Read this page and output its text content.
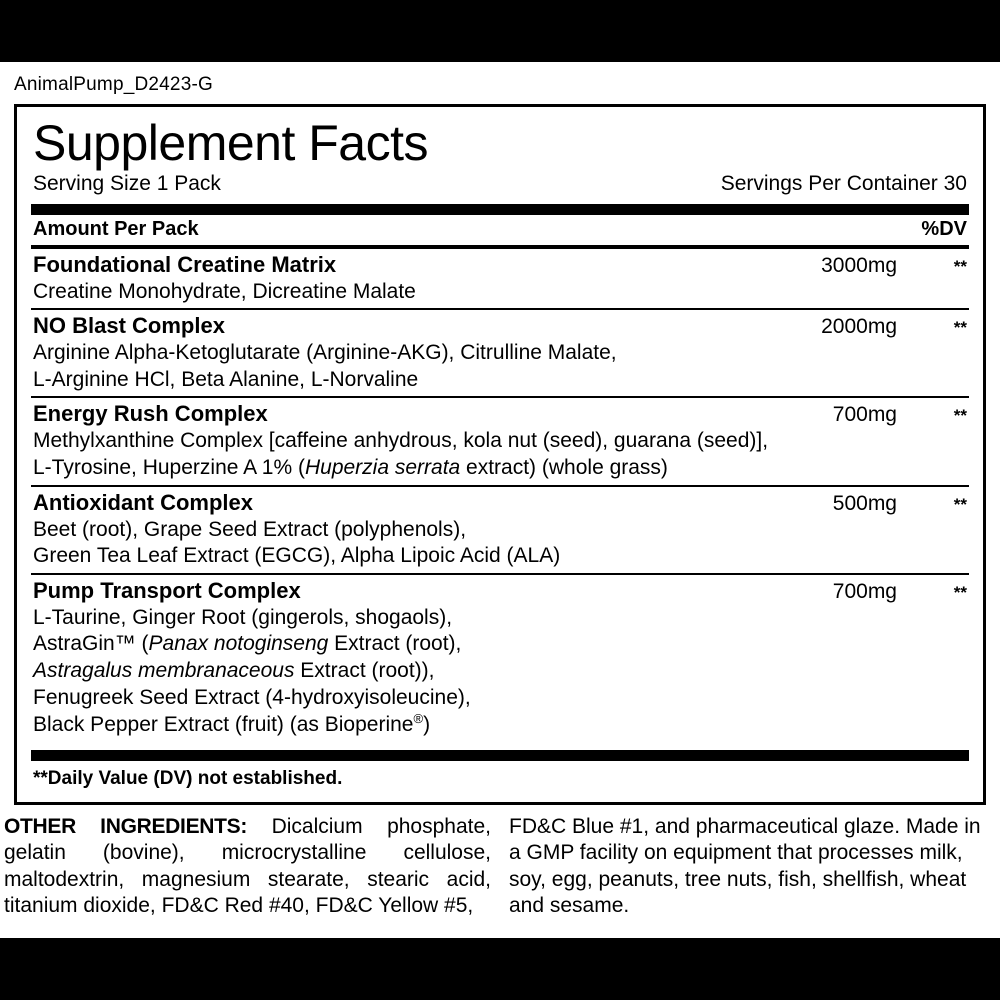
AnimalPump_D2423-G
Supplement Facts
Serving Size 1 Pack	Servings Per Container 30
Amount Per Pack	%DV
Foundational Creatine Matrix	3000mg	**
Creatine Monohydrate, Dicreatine Malate
NO Blast Complex	2000mg	**
Arginine Alpha-Ketoglutarate (Arginine-AKG), Citrulline Malate,
L-Arginine HCl, Beta Alanine, L-Norvaline
Energy Rush Complex	700mg	**
Methylxanthine Complex [caffeine anhydrous, kola nut (seed), guarana (seed)],
L-Tyrosine, Huperzine A 1% (Huperzia serrata extract) (whole grass)
Antioxidant Complex	500mg	**
Beet (root), Grape Seed Extract (polyphenols),
Green Tea Leaf Extract (EGCG), Alpha Lipoic Acid (ALA)
Pump Transport Complex	700mg	**
L-Taurine, Ginger Root (gingerols, shogaols),
AstraGin™ (Panax notoginseng Extract (root),
Astragalus membranaceous Extract (root)),
Fenugreek Seed Extract (4-hydroxyisoleucine),
Black Pepper Extract (fruit) (as Bioperine®)
**Daily Value (DV) not established.
OTHER INGREDIENTS: Dicalcium phosphate, gelatin (bovine), microcrystalline cellulose, maltodextrin, magnesium stearate, stearic acid, titanium dioxide, FD&C Red #40, FD&C Yellow #5,
FD&C Blue #1, and pharmaceutical glaze. Made in a GMP facility on equipment that processes milk, soy, egg, peanuts, tree nuts, fish, shellfish, wheat and sesame.
